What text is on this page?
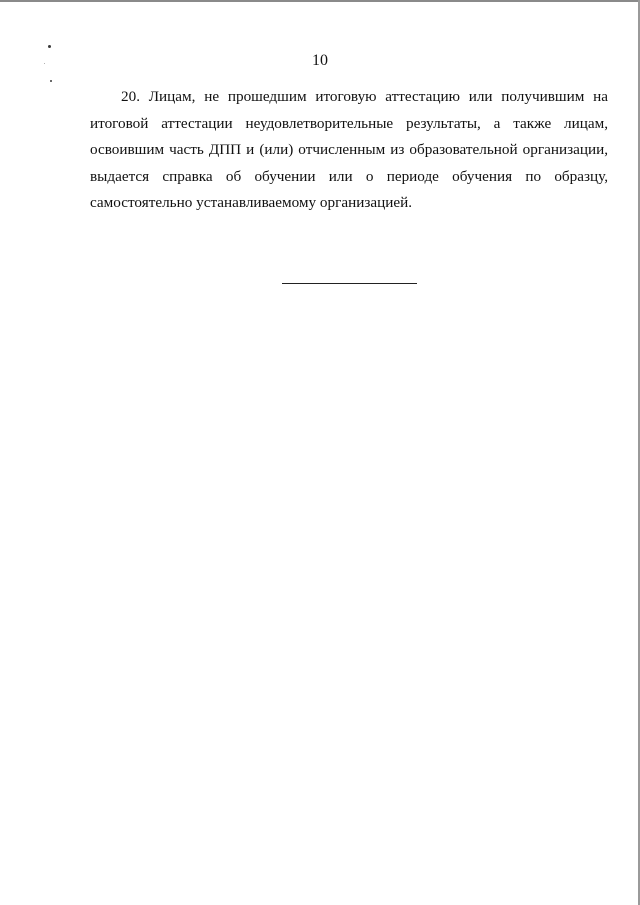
10

20. Лицам, не прошедшим итоговую аттестацию или получившим на итоговой аттестации неудовлетворительные результаты, а также лицам, освоившим часть ДПП и (или) отчисленным из образовательной организации, выдается справка об обучении или о периоде обучения по образцу, самостоятельно устанавливаемому организацией.
